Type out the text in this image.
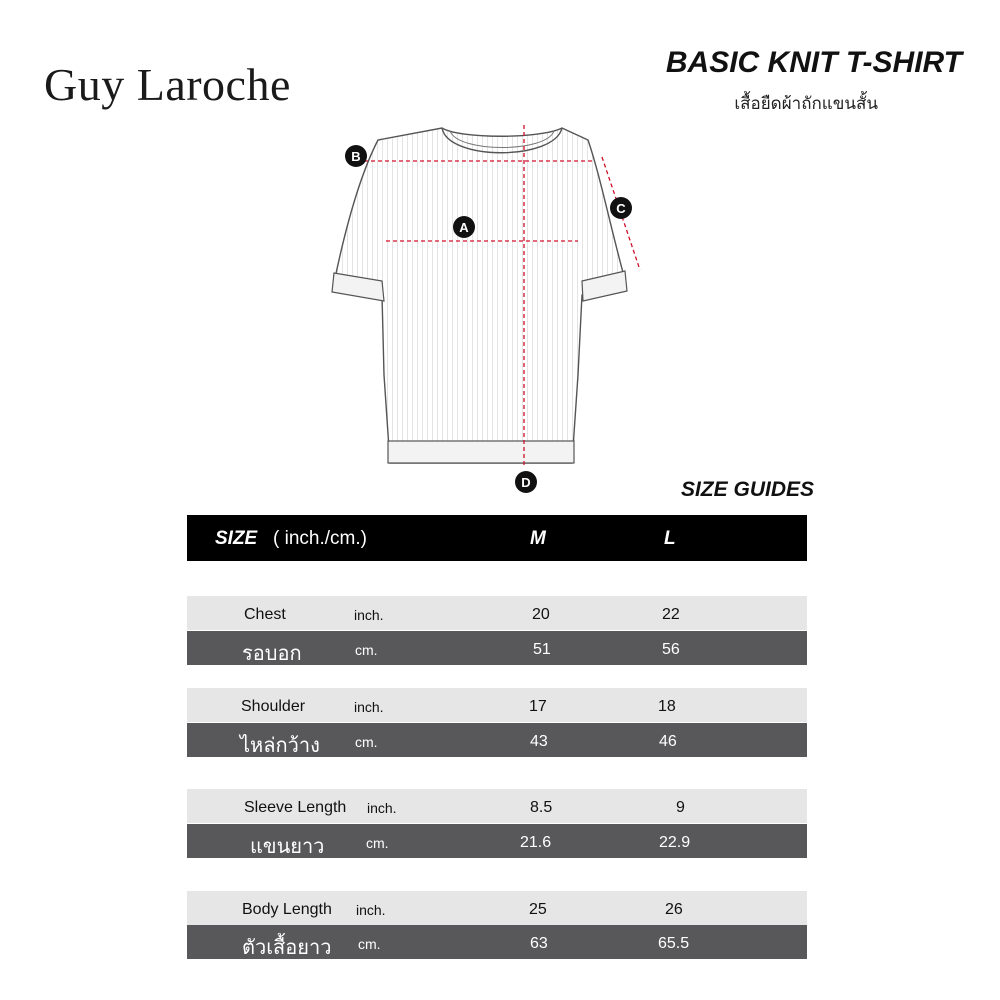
Guy Laroche	BASIC KNIT T-SHIRT
เสื้อยืดผ้าถักแขนสั้น
A
B
C
D	SIZE GUIDES
SIZE ( inch./cm.)	M	L
Chest	inch.	20	22
รอบอก	cm.	51	56
Shoulder	inch.	17	18
ไหล่กว้าง	cm.	43	46
Sleeve Length inch.	8.5	9
แขนยาว	cm.	21.6	22.9
Body Length inch.	25	26
ตัวเสื้อยาว cm.	63	65.5
